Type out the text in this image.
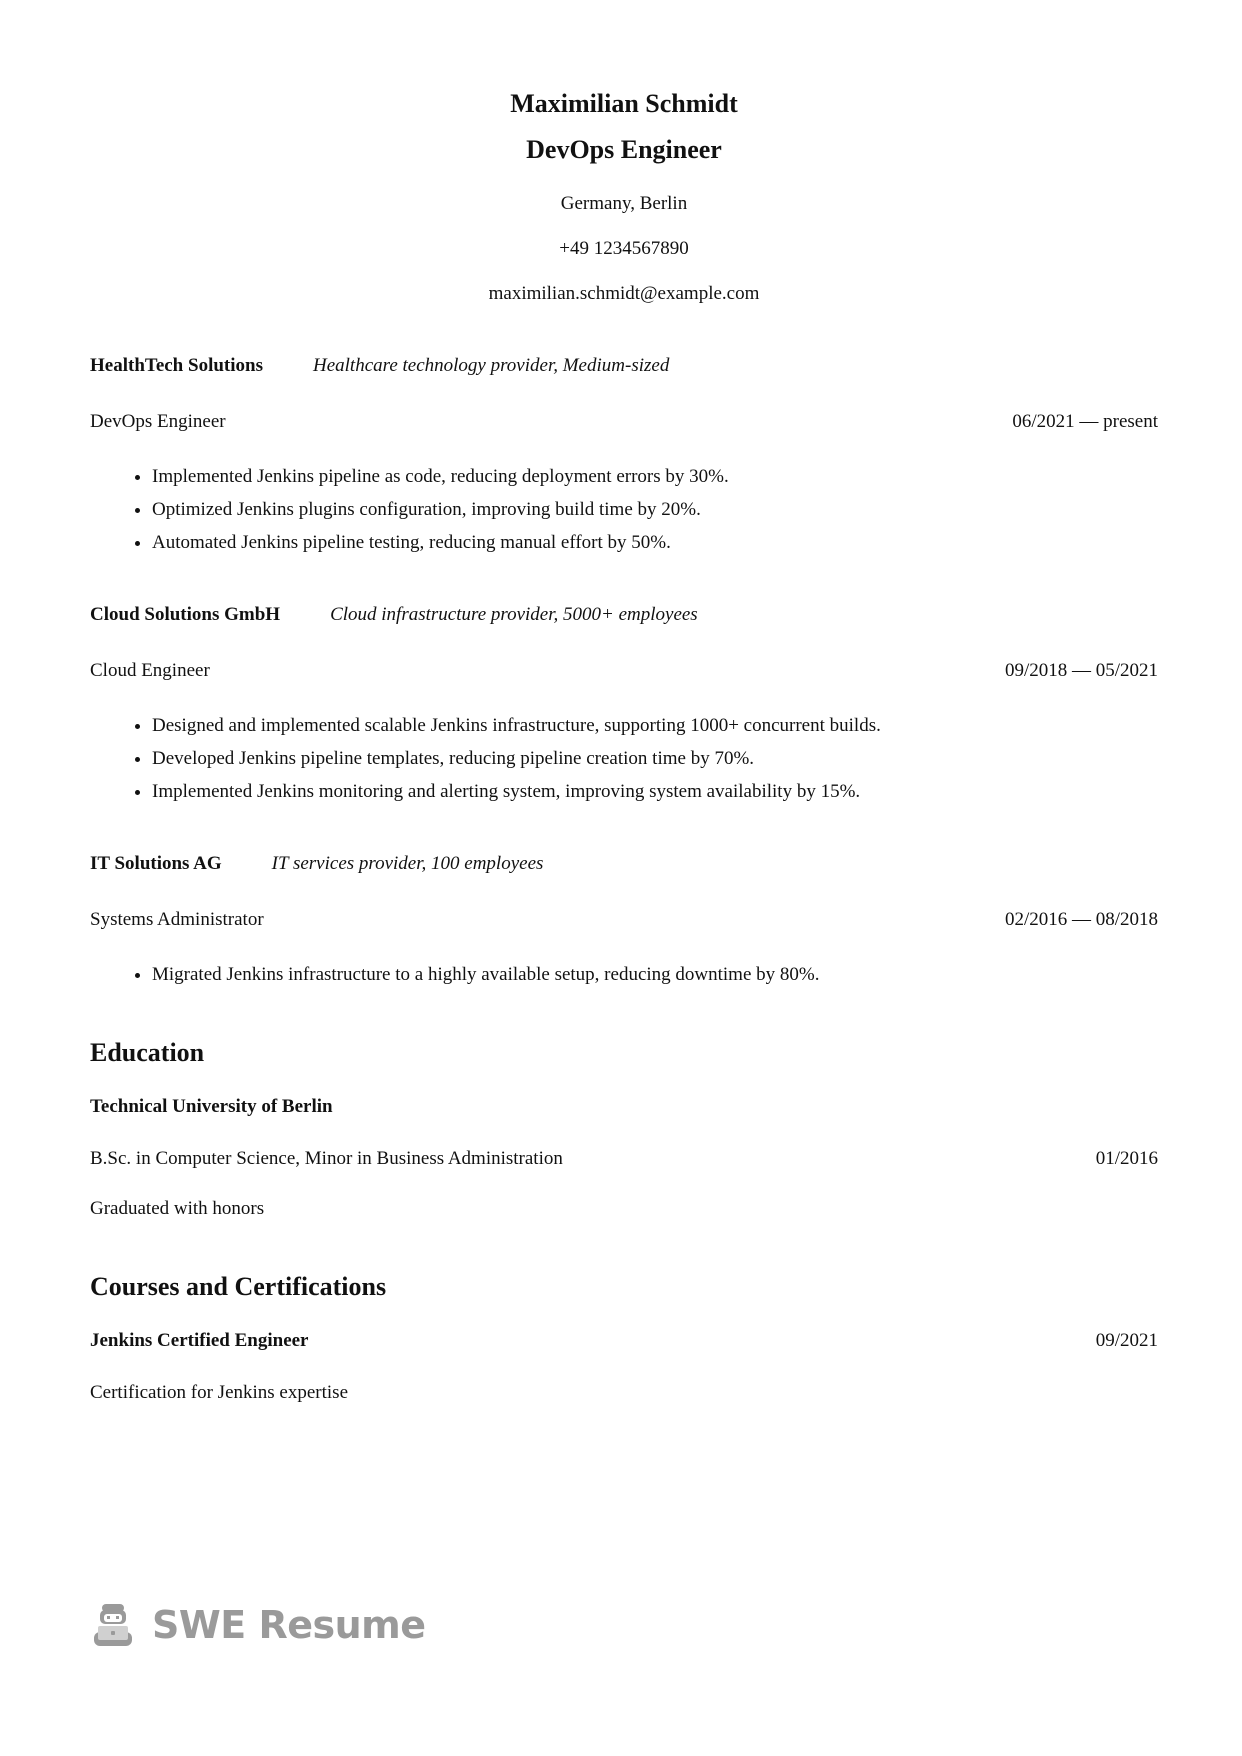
Maximilian Schmidt

DevOps Engineer

Germany, Berlin

+49 1234567890

maximilian.schmidt@example.com

HealthTech Solutions	Healthcare technology provider, Medium-sized
DevOps Engineer	06/2021 — present
• Implemented Jenkins pipeline as code, reducing deployment errors by 30%.
• Optimized Jenkins plugins configuration, improving build time by 20%.
• Automated Jenkins pipeline testing, reducing manual effort by 50%.
Cloud Solutions GmbH	Cloud infrastructure provider, 5000+ employees
Cloud Engineer	09/2018 — 05/2021
• Designed and implemented scalable Jenkins infrastructure, supporting 1000+ concurrent builds.
• Developed Jenkins pipeline templates, reducing pipeline creation time by 70%.
• Implemented Jenkins monitoring and alerting system, improving system availability by 15%.
IT Solutions AG	IT services provider, 100 employees
Systems Administrator	02/2016 — 08/2018
• Migrated Jenkins infrastructure to a highly available setup, reducing downtime by 80%.

Education

Technical University of Berlin
B.Sc. in Computer Science, Minor in Business Administration	01/2016
Graduated with honors

Courses and Certifications

Jenkins Certified Engineer	09/2021
Certification for Jenkins expertise
SWE Resume
